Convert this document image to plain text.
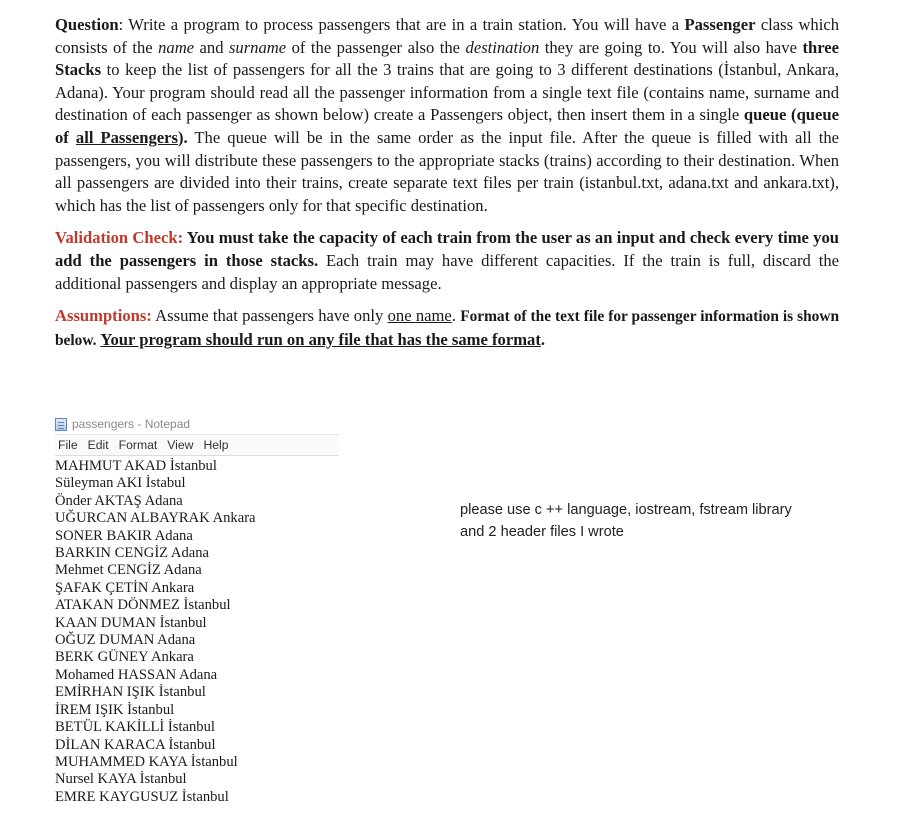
Question: Write a program to process passengers that are in a train station. You will have a Passenger class which consists of the name and surname of the passenger also the destination they are going to. You will also have three Stacks to keep the list of passengers for all the 3 trains that are going to 3 different destinations (İstanbul, Ankara, Adana). Your program should read all the passenger information from a single text file (contains name, surname and destination of each passenger as shown below) create a Passengers object, then insert them in a single queue (queue of all Passengers). The queue will be in the same order as the input file. After the queue is filled with all the passengers, you will distribute these passengers to the appropriate stacks (trains) according to their destination. When all passengers are divided into their trains, create separate text files per train (istanbul.txt, adana.txt and ankara.txt), which has the list of passengers only for that specific destination.

Validation Check: You must take the capacity of each train from the user as an input and check every time you add the passengers in those stacks. Each train may have different capacities. If the train is full, discard the additional passengers and display an appropriate message.

Assumptions: Assume that passengers have only one name. Format of the text file for passenger information is shown below. Your program should run on any file that has the same format.

passengers - Notepad
File Edit Format View Help
MAHMUT AKAD İstanbul
Süleyman AKI İstabul
Önder AKTAŞ Adana
UĞURCAN ALBAYRAK Ankara
SONER BAKIR Adana
BARKIN CENGİZ Adana
Mehmet CENGİZ Adana
ŞAFAK ÇETİN Ankara
ATAKAN DÖNMEZ İstanbul
KAAN DUMAN İstanbul
OĞUZ DUMAN Adana
BERK GÜNEY Ankara
Mohamed HASSAN Adana
EMİRHAN IŞIK İstanbul
İREM IŞIK İstanbul
BETÜL KAKİLLİ İstanbul
DİLAN KARACA İstanbul
MUHAMMED KAYA İstanbul
Nursel KAYA İstanbul
EMRE KAYGUSUZ İstanbul
please use c ++ language, iostream, fstream library
and 2 header files I wrote
